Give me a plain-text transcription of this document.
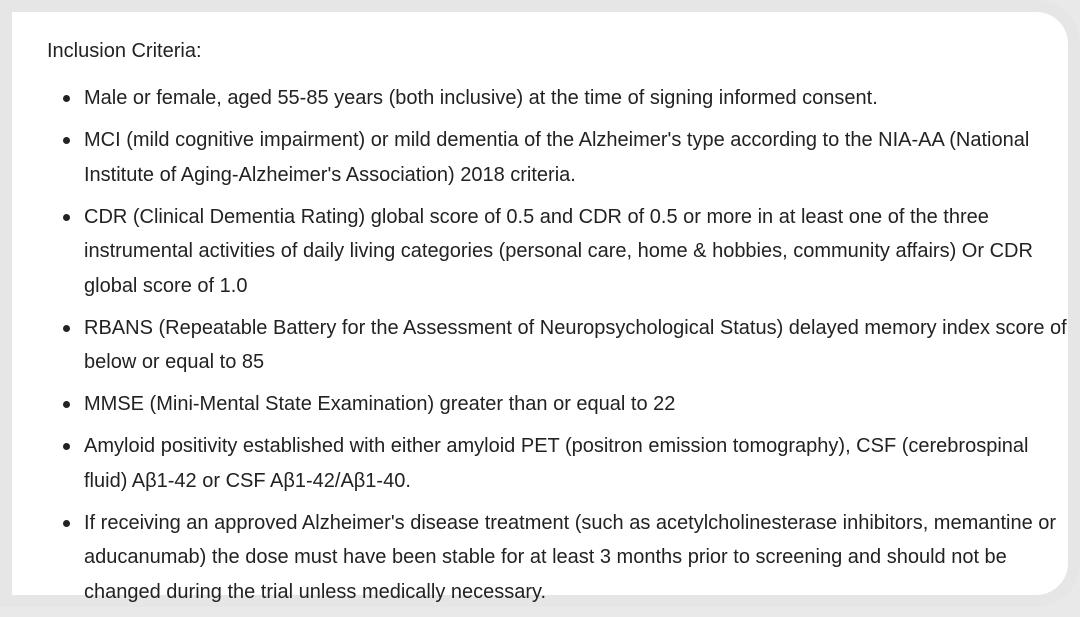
Inclusion Criteria:

Male or female, aged 55-85 years (both inclusive) at the time of signing informed consent.
MCI (mild cognitive impairment) or mild dementia of the Alzheimer's type according to the NIA-AA (National Institute of Aging-Alzheimer's Association) 2018 criteria.
CDR (Clinical Dementia Rating) global score of 0.5 and CDR of 0.5 or more in at least one of the three instrumental activities of daily living categories (personal care, home & hobbies, community affairs) Or CDR global score of 1.0
RBANS (Repeatable Battery for the Assessment of Neuropsychological Status) delayed memory index score of below or equal to 85
MMSE (Mini-Mental State Examination) greater than or equal to 22
Amyloid positivity established with either amyloid PET (positron emission tomography), CSF (cerebrospinal fluid) Aβ1-42 or CSF Aβ1-42/Aβ1-40.
If receiving an approved Alzheimer's disease treatment (such as acetylcholinesterase inhibitors, memantine or aducanumab) the dose must have been stable for at least 3 months prior to screening and should not be changed during the trial unless medically necessary.
